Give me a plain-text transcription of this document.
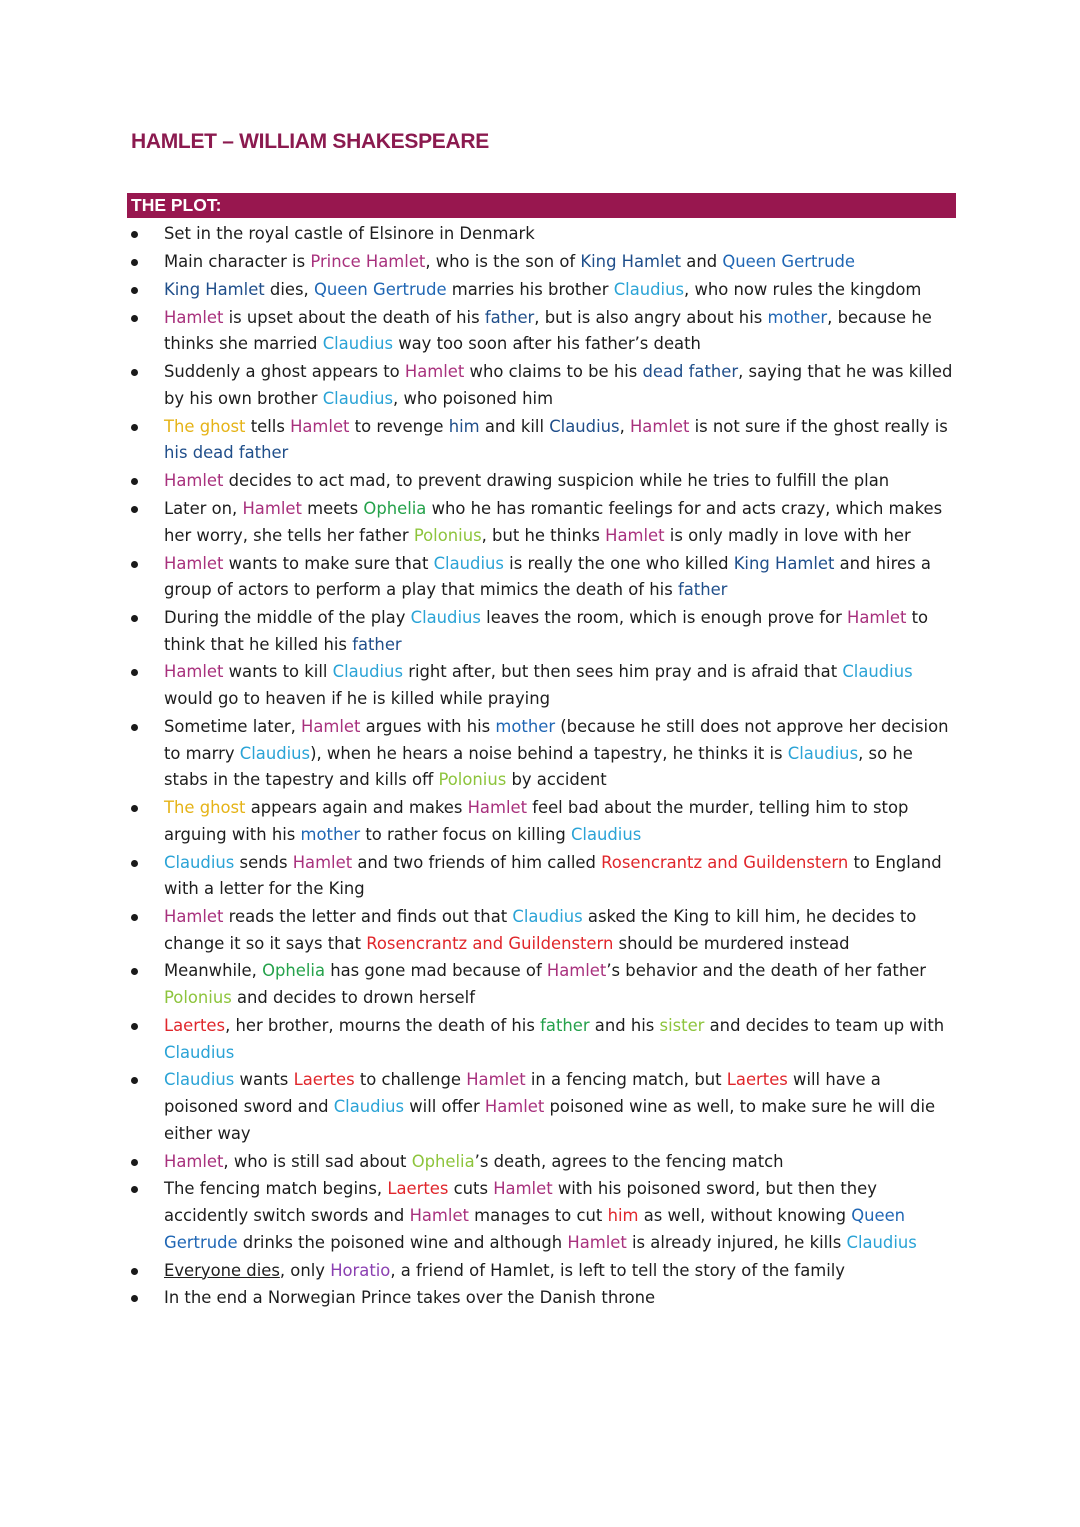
HAMLET – WILLIAM SHAKESPEARE
THE PLOT:
Set in the royal castle of Elsinore in Denmark
Main character is Prince Hamlet, who is the son of King Hamlet and Queen Gertrude
King Hamlet dies, Queen Gertrude marries his brother Claudius, who now rules the kingdom
Hamlet is upset about the death of his father, but is also angry about his mother, because he thinks she married Claudius way too soon after his father’s death
Suddenly a ghost appears to Hamlet who claims to be his dead father, saying that he was killed by his own brother Claudius, who poisoned him
The ghost tells Hamlet to revenge him and kill Claudius, Hamlet is not sure if the ghost really is his dead father
Hamlet decides to act mad, to prevent drawing suspicion while he tries to fulfill the plan
Later on, Hamlet meets Ophelia who he has romantic feelings for and acts crazy, which makes her worry, she tells her father Polonius, but he thinks Hamlet is only madly in love with her
Hamlet wants to make sure that Claudius is really the one who killed King Hamlet and hires a group of actors to perform a play that mimics the death of his father
During the middle of the play Claudius leaves the room, which is enough prove for Hamlet to think that he killed his father
Hamlet wants to kill Claudius right after, but then sees him pray and is afraid that Claudius would go to heaven if he is killed while praying
Sometime later, Hamlet argues with his mother (because he still does not approve her decision to marry Claudius), when he hears a noise behind a tapestry, he thinks it is Claudius, so he stabs in the tapestry and kills off Polonius by accident
The ghost appears again and makes Hamlet feel bad about the murder, telling him to stop arguing with his mother to rather focus on killing Claudius
Claudius sends Hamlet and two friends of him called Rosencrantz and Guildenstern to England with a letter for the King
Hamlet reads the letter and finds out that Claudius asked the King to kill him, he decides to change it so it says that Rosencrantz and Guildenstern should be murdered instead
Meanwhile, Ophelia has gone mad because of Hamlet’s behavior and the death of her father Polonius and decides to drown herself
Laertes, her brother, mourns the death of his father and his sister and decides to team up with Claudius
Claudius wants Laertes to challenge Hamlet in a fencing match, but Laertes will have a poisoned sword and Claudius will offer Hamlet poisoned wine as well, to make sure he will die either way
Hamlet, who is still sad about Ophelia’s death, agrees to the fencing match
The fencing match begins, Laertes cuts Hamlet with his poisoned sword, but then they accidently switch swords and Hamlet manages to cut him as well, without knowing Queen Gertrude drinks the poisoned wine and although Hamlet is already injured, he kills Claudius
Everyone dies, only Horatio, a friend of Hamlet, is left to tell the story of the family
In the end a Norwegian Prince takes over the Danish throne
